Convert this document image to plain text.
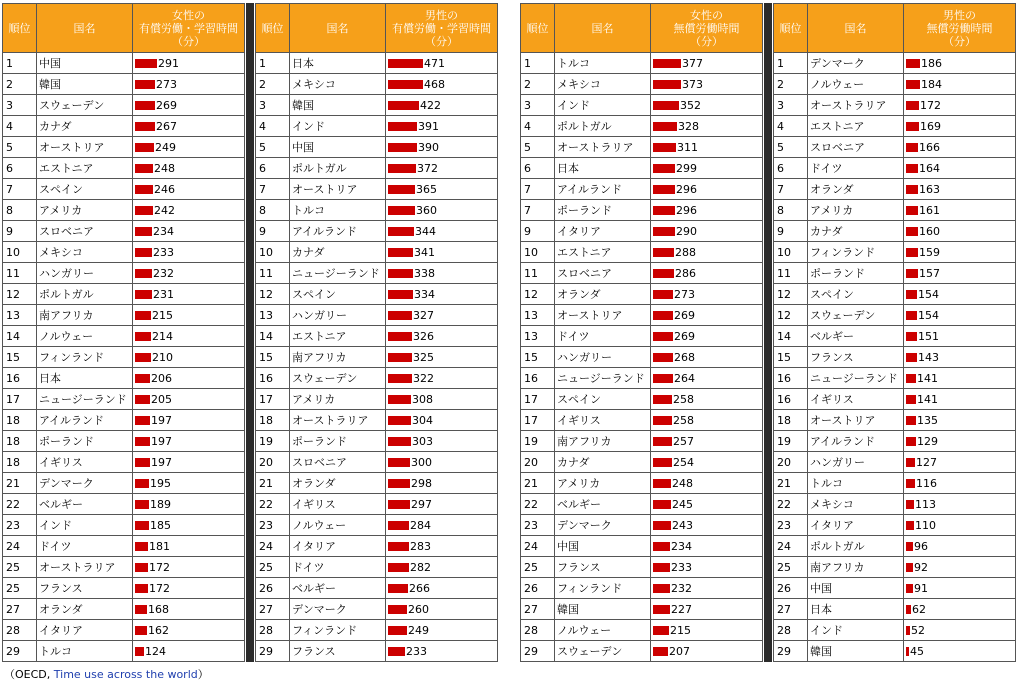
順位	国名	女性の
有償労働・学習時間
（分）
1	中国	291
2	韓国	273
3	スウェーデン	269
4	カナダ	267
5	オーストリア	249
6	エストニア	248
7	スペイン	246
8	アメリカ	242
9	スロベニア	234
10	メキシコ	233
11	ハンガリー	232
12	ポルトガル	231
13	南アフリカ	215
14	ノルウェー	214
15	フィンランド	210
16	日本	206
17	ニュージーランド	205
18	アイルランド	197
18	ポーランド	197
18	イギリス	197
21	デンマーク	195
22	ベルギー	189
23	インド	185
24	ドイツ	181
25	オーストラリア	172
25	フランス	172
27	オランダ	168
28	イタリア	162
29	トルコ	124
順位	国名	男性の
有償労働・学習時間
（分）
1	日本	471
2	メキシコ	468
3	韓国	422
4	インド	391
5	中国	390
6	ポルトガル	372
7	オーストリア	365
8	トルコ	360
9	アイルランド	344
10	カナダ	341
11	ニュージーランド	338
12	スペイン	334
13	ハンガリー	327
14	エストニア	326
15	南アフリカ	325
16	スウェーデン	322
17	アメリカ	308
18	オーストラリア	304
19	ポーランド	303
20	スロベニア	300
21	オランダ	298
22	イギリス	297
23	ノルウェー	284
24	イタリア	283
25	ドイツ	282
26	ベルギー	266
27	デンマーク	260
28	フィンランド	249
29	フランス	233
順位	国名	女性の
無償労働時間
（分）
1	トルコ	377
2	メキシコ	373
3	インド	352
4	ポルトガル	328
5	オーストラリア	311
6	日本	299
7	アイルランド	296
7	ポーランド	296
9	イタリア	290
10	エストニア	288
11	スロベニア	286
12	オランダ	273
13	オーストリア	269
13	ドイツ	269
15	ハンガリー	268
16	ニュージーランド	264
17	スペイン	258
17	イギリス	258
19	南アフリカ	257
20	カナダ	254
21	アメリカ	248
22	ベルギー	245
23	デンマーク	243
24	中国	234
25	フランス	233
26	フィンランド	232
27	韓国	227
28	ノルウェー	215
29	スウェーデン	207
順位	国名	男性の
無償労働時間
（分）
1	デンマーク	186
2	ノルウェー	184
3	オーストラリア	172
4	エストニア	169
5	スロベニア	166
6	ドイツ	164
7	オランダ	163
8	アメリカ	161
9	カナダ	160
10	フィンランド	159
11	ポーランド	157
12	スペイン	154
12	スウェーデン	154
14	ベルギー	151
15	フランス	143
16	ニュージーランド	141
16	イギリス	141
18	オーストリア	135
19	アイルランド	129
20	ハンガリー	127
21	トルコ	116
22	メキシコ	113
23	イタリア	110
24	ポルトガル	96
25	南アフリカ	92
26	中国	91
27	日本	62
28	インド	52
29	韓国	45
（OECD, Time use across the world）
